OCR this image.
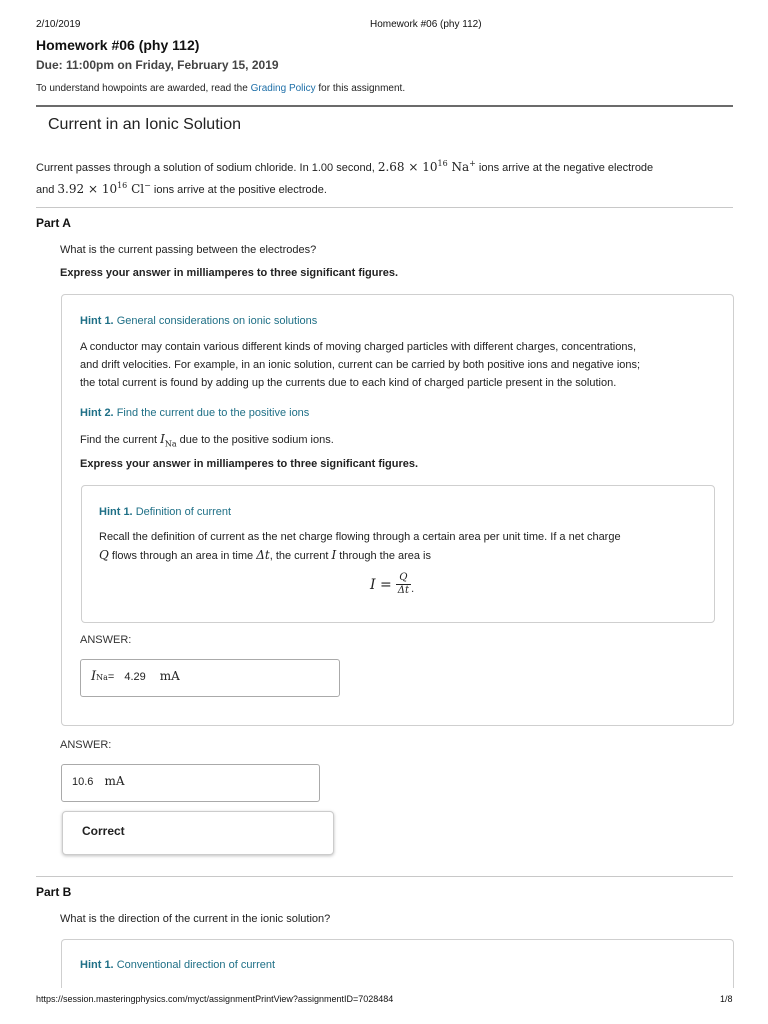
2/10/2019	Homework #06 (phy 112)
Homework #06 (phy 112)
Due: 11:00pm on Friday, February 15, 2019
To understand howpoints are awarded, read the Grading Policy for this assignment.
Current in an Ionic Solution
Current passes through a solution of sodium chloride. In 1.00 second, $2.68 \times 10^{16}$ Na+ ions arrive at the negative electrode
and $3.92 \times 10^{16}$ Cl− ions arrive at the positive electrode.
Part A
What is the current passing between the electrodes?
Express your answer in milliamperes to three significant figures.
Hint 1. General considerations on ionic solutions
A conductor may contain various different kinds of moving charged particles with different charges, concentrations,
and drift velocities. For example, in an ionic solution, current can be carried by both positive ions and negative ions;
the total current is found by adding up the currents due to each kind of charged particle present in the solution.
Hint 2. Find the current due to the positive ions
Find the current $I_{Na}$ due to the positive sodium ions.
Express your answer in milliamperes to three significant figures.
Hint 1. Definition of current
Recall the definition of current as the net charge flowing through a certain area per unit time. If a net charge
Q flows through an area in time Δt, the current I through the area is
$I = \frac{Q}{\Delta t}$ .
ANSWER:
I Na = 4.29 mA
ANSWER:
10.6 mA
Correct
Part B
What is the direction of the current in the ionic solution?
Hint 1. Conventional direction of current
https://session.masteringphysics.com/myct/assignmentPrintView?assignmentID=7028484	1/8
